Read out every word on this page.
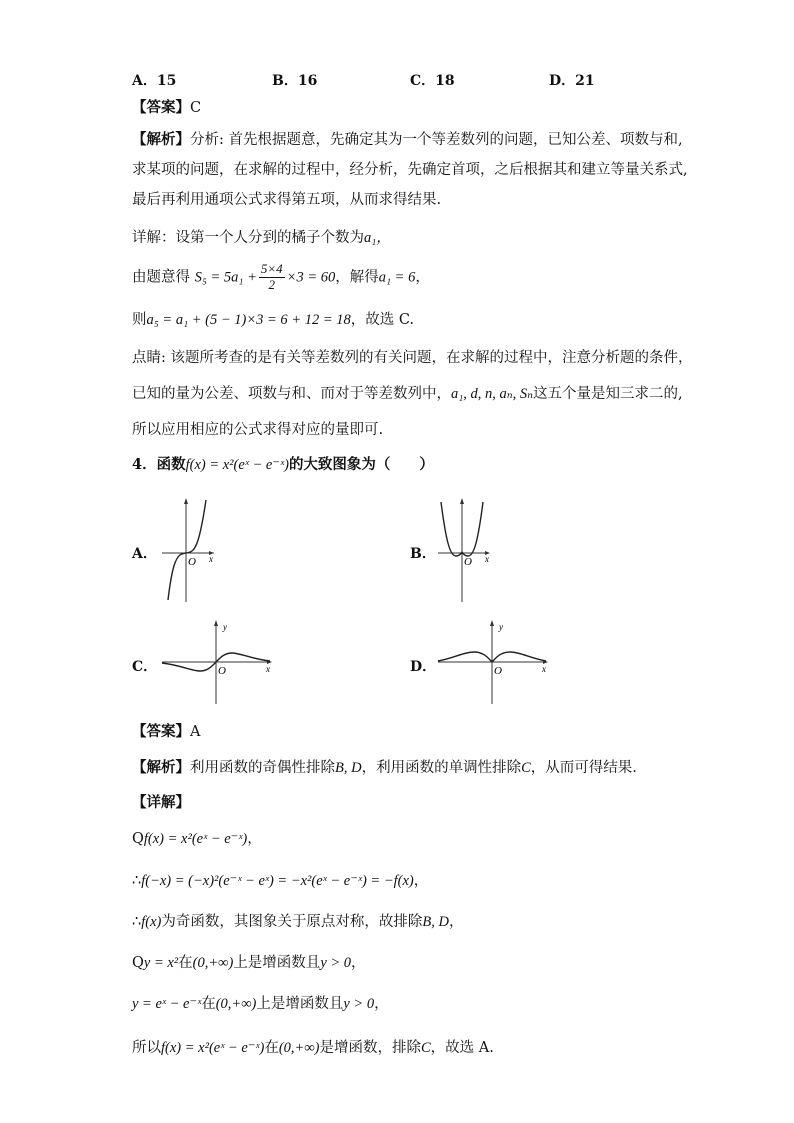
A．15	B．16	C．18	D．21
【答案】C
【解析】分析: 首先根据题意，先确定其为一个等差数列的问题，已知公差、项数与和,
求某项的问题，在求解的过程中，经分析，先确定首项，之后根据其和建立等量关系式,
最后再利用通项公式求得第五项，从而求得结果.
详解：设第一个人分到的橘子个数为a₁，
由题意得 $S_5 = 5a_1 + \frac{5\times 4}{2} \times 3 = 60$，解得a₁ = 6，
则a₅ = a₁ + (5 − 1)×3 = 6 + 12 = 18，故选 C.
点睛: 该题所考查的是有关等差数列的有关问题，在求解的过程中，注意分析题的条件，
已知的量为公差、项数与和、而对于等差数列中，a₁, d, n, aₙ, Sₙ这五个量是知三求二的,
所以应用相应的公式求得对应的量即可.
4．函数f(x) = x²(eˣ − e⁻ˣ)的大致图象为（　　）
A．	B．
C．	D．
O x	O x
O	x
y
O	x
y
【答案】A
【解析】利用函数的奇偶性排除B, D，利用函数的单调性排除C，从而可得结果.
【详解】
Qf(x) = x²(eˣ − e⁻ˣ)，
∴f(−x) = (−x)²(e⁻ˣ − eˣ) = −x²(eˣ − e⁻ˣ) = −f(x)，
∴f(x)为奇函数，其图象关于原点对称，故排除B, D，
Qy = x²在(0,+∞)上是增函数且y > 0，
y = eˣ − e⁻ˣ在(0,+∞)上是增函数且y > 0，
所以f(x) = x²(eˣ − e⁻ˣ)在(0,+∞)是增函数，排除C，故选 A.
